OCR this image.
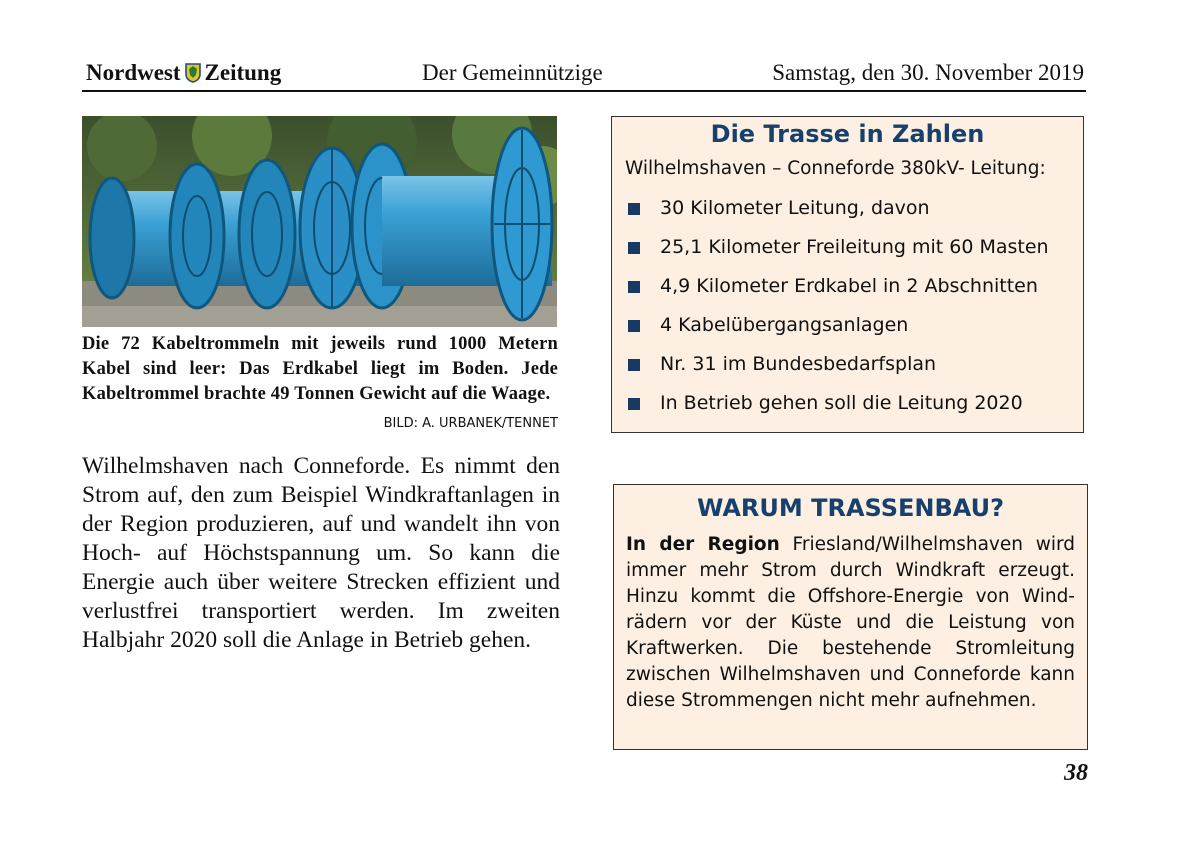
Nordwest Zeitung	Der Gemeinnützige	Samstag, den 30. November 2019
Die 72 Kabeltrommeln mit jeweils rund 1000 Metern Kabel sind leer: Das Erdkabel liegt im Boden. Jede Kabeltrommel brachte 49 Tonnen Gewicht auf die Waage.
BILD: A. URBANEK/TENNET
Wilhelmshaven nach Conneforde. Es nimmt den Strom auf, den zum Beispiel Windkraftanlagen in der Region produzieren, auf und wandelt ihn von Hoch- auf Höchstspannung um. So kann die Energie auch über weitere Strecken effizient und verlustfrei transportiert werden. Im zweiten Halbjahr 2020 soll die Anlage in Betrieb gehen.
Die Trasse in Zahlen
Wilhelmshaven – Conneforde 380kV- Leitung:
30 Kilometer Leitung, davon
25,1 Kilometer Freileitung mit 60 Masten
4,9 Kilometer Erdkabel in 2 Abschnitten
4 Kabelübergangsanlagen
Nr. 31 im Bundesbedarfsplan
In Betrieb gehen soll die Leitung 2020
WARUM TRASSENBAU?
In der Region Friesland/Wilhelmshaven wird immer mehr Strom durch Windkraft erzeugt. Hinzu kommt die Offshore-Energie von Wind-rädern vor der Küste und die Leistung von Kraftwerken. Die bestehende Stromleitung zwischen Wilhelmshaven und Conneforde kann diese Strommengen nicht mehr aufnehmen.
38
